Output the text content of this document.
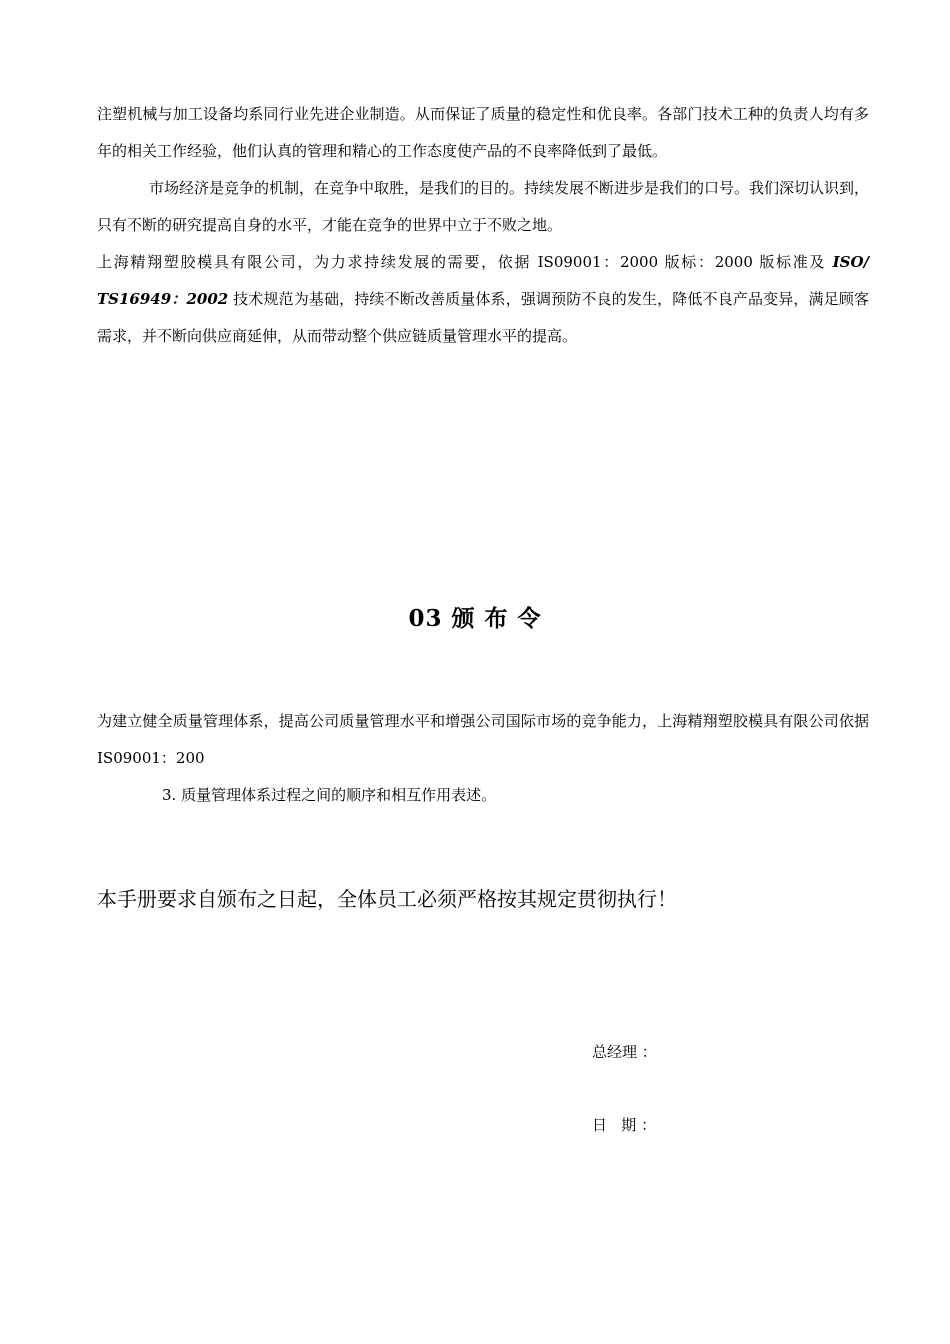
注塑机械与加工设备均系同行业先进企业制造。从而保证了质量的稳定性和优良率。各部门技术工种的负责人均有多年的相关工作经验，他们认真的管理和精心的工作态度使产品的不良率降低到了最低。

市场经济是竞争的机制，在竞争中取胜，是我们的目的。持续发展不断进步是我们的口号。我们深切认识到，只有不断的研究提高自身的水平，才能在竞争的世界中立于不败之地。

上海精翔塑胶模具有限公司，为力求持续发展的需要，依据 IS09001：2000 版标：2000 版标准及 ISO/ TS16949：2002 技术规范为基础，持续不断改善质量体系，强调预防不良的发生，降低不良产品变异，满足顾客需求，并不断向供应商延伸，从而带动整个供应链质量管理水平的提高。

03 颁 布 令

为建立健全质量管理体系，提高公司质量管理水平和增强公司国际市场的竞争能力，上海精翔塑胶模具有限公司依据 IS09001：200

3. 质量管理体系过程之间的顺序和相互作用表述。

本手册要求自颁布之日起，全体员工必须严格按其规定贯彻执行！

总经理 ：

日   期 ：
